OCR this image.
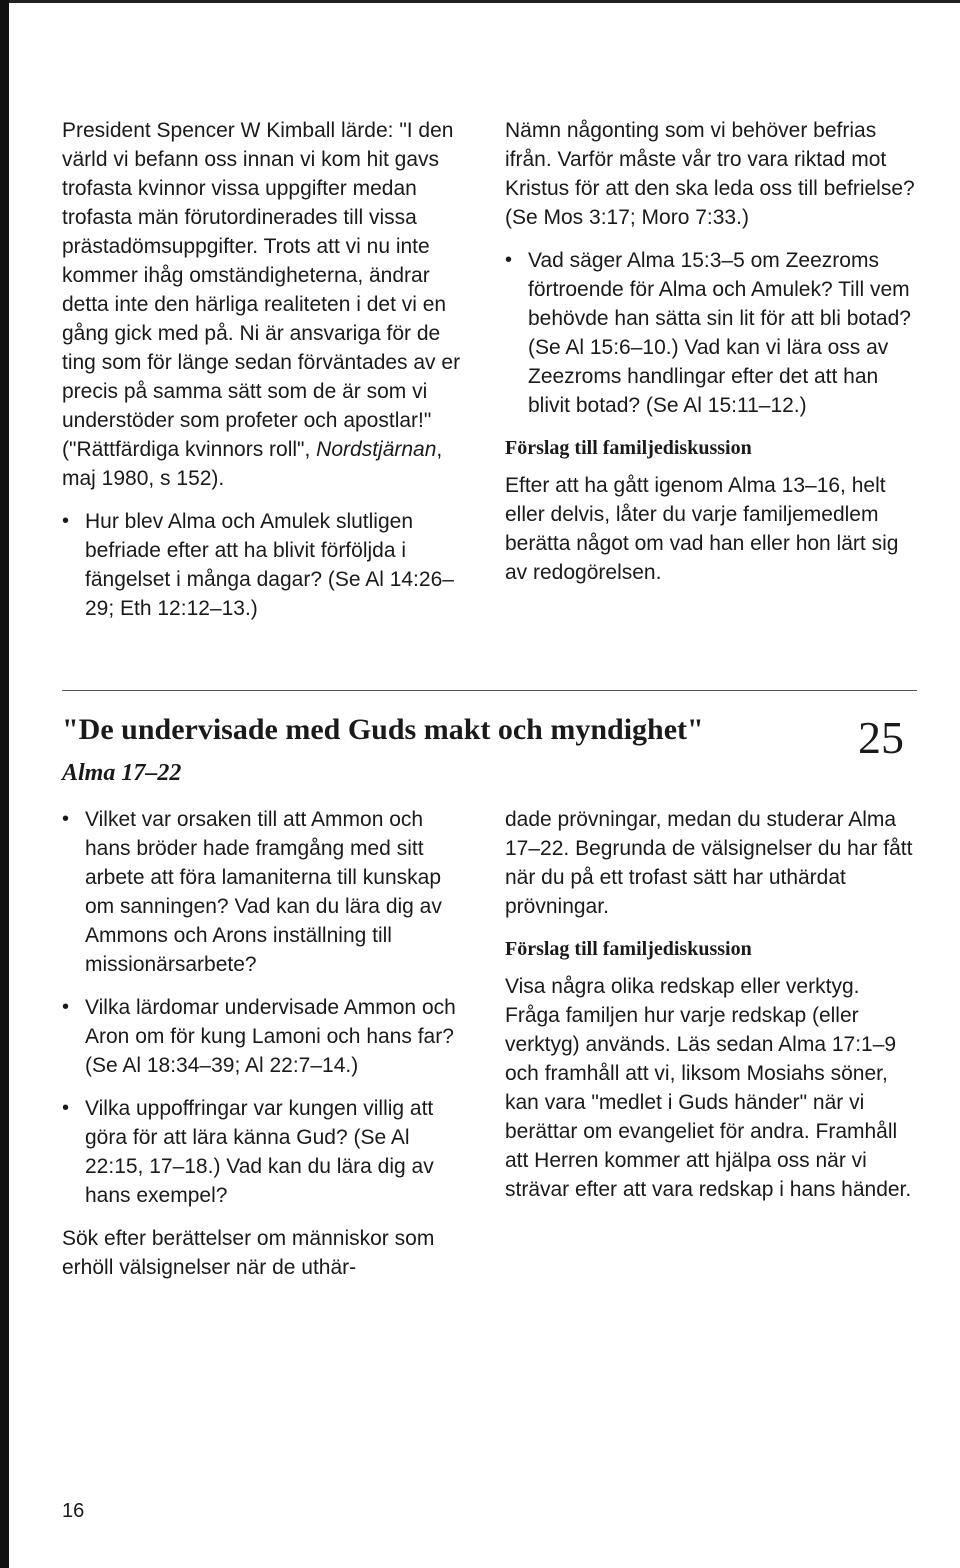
President Spencer W Kimball lärde: "I den värld vi befann oss innan vi kom hit gavs trofasta kvinnor vissa uppgifter medan trofasta män förutordinerades till vissa prästadömsuppgifter. Trots att vi nu inte kommer ihåg omständigheterna, ändrar detta inte den härliga realiteten i det vi en gång gick med på. Ni är ansvariga för de ting som för länge sedan förväntades av er precis på samma sätt som de är som vi understöder som profeter och apostlar!" ("Rättfärdiga kvinnors roll", Nordstjärnan, maj 1980, s 152).

• Hur blev Alma och Amulek slutligen befriade efter att ha blivit förföljda i fängelset i många dagar? (Se Al 14:26–29; Eth 12:12–13.)

Nämn någonting som vi behöver befrias ifrån. Varför måste vår tro vara riktad mot Kristus för att den ska leda oss till befrielse? (Se Mos 3:17; Moro 7:33.)

• Vad säger Alma 15:3–5 om Zeezroms förtroende för Alma och Amulek? Till vem behövde han sätta sin lit för att bli botad? (Se Al 15:6–10.) Vad kan vi lära oss av Zeezroms handlingar efter det att han blivit botad? (Se Al 15:11–12.)
Förslag till familjediskussion

Efter att ha gått igenom Alma 13–16, helt eller delvis, låter du varje familjemedlem berätta något om vad han eller hon lärt sig av redogörelsen.

"De undervisade med Guds makt och myndighet"	25
Alma 17–22
• Vilket var orsaken till att Ammon och hans bröder hade framgång med sitt arbete att föra lamaniterna till kunskap om sanningen? Vad kan du lära dig av Ammons och Arons inställning till missionärsarbete?
• Vilka lärdomar undervisade Ammon och Aron om för kung Lamoni och hans far? (Se Al 18:34–39; Al 22:7–14.)
• Vilka uppoffringar var kungen villig att göra för att lära känna Gud? (Se Al 22:15, 17–18.) Vad kan du lära dig av hans exempel?

Sök efter berättelser om människor som erhöll välsignelser när de uthär-

dade prövningar, medan du studerar Alma 17–22. Begrunda de välsignelser du har fått när du på ett trofast sätt har uthärdat prövningar.

Förslag till familjediskussion

Visa några olika redskap eller verktyg. Fråga familjen hur varje redskap (eller verktyg) används. Läs sedan Alma 17:1–9 och framhåll att vi, liksom Mosiahs söner, kan vara "medlet i Guds händer" när vi berättar om evangeliet för andra. Framhåll att Herren kommer att hjälpa oss när vi strävar efter att vara redskap i hans händer.

16
